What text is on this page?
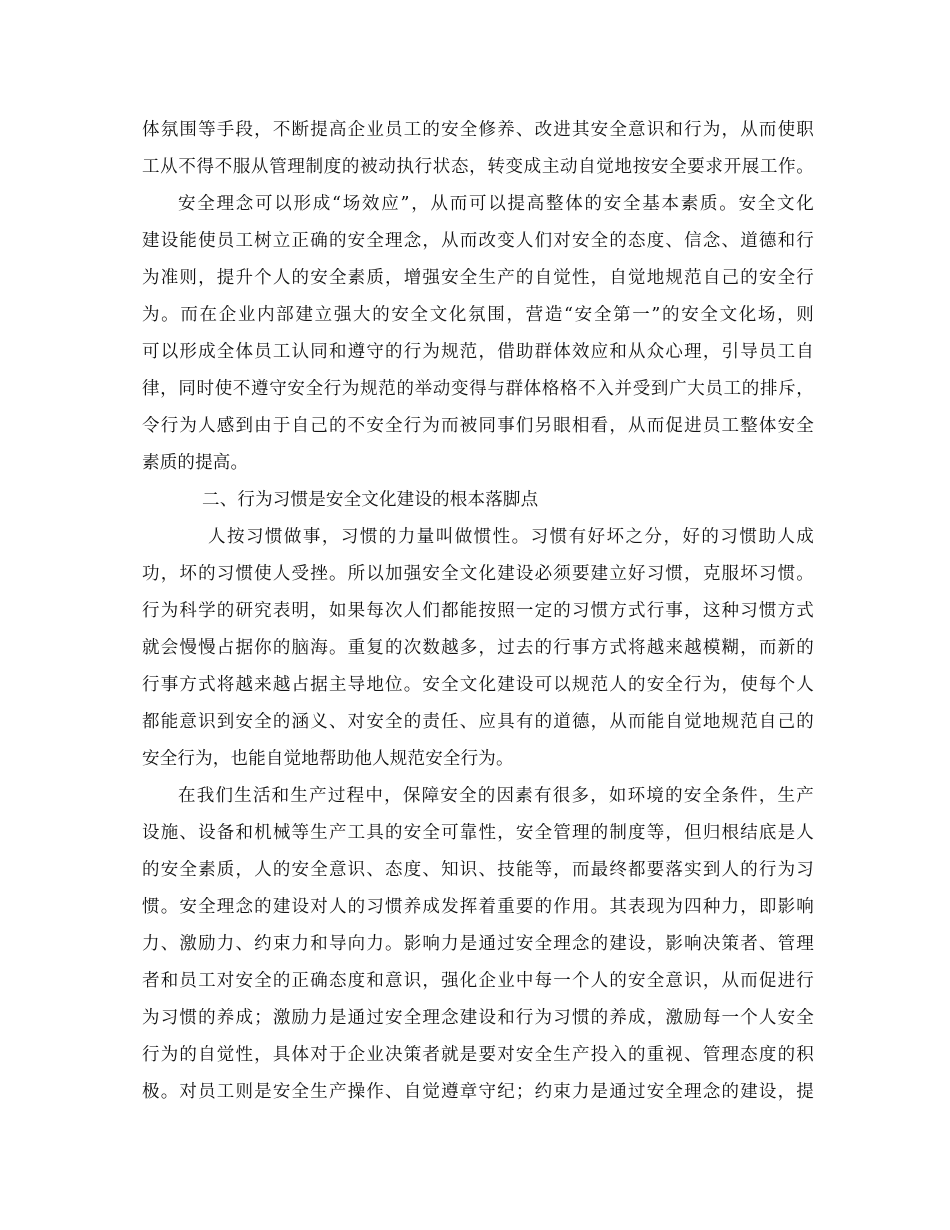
体氛围等手段，不断提高企业员工的安全修养、改进其安全意识和行为，从而使职
工从不得不服从管理制度的被动执行状态，转变成主动自觉地按安全要求开展工作。
安全理念可以形成“场效应”，从而可以提高整体的安全基本素质。安全文化
建设能使员工树立正确的安全理念，从而改变人们对安全的态度、信念、道德和行
为准则，提升个人的安全素质，增强安全生产的自觉性，自觉地规范自己的安全行
为。而在企业内部建立强大的安全文化氛围，营造“安全第一”的安全文化场，则
可以形成全体员工认同和遵守的行为规范，借助群体效应和从众心理，引导员工自
律，同时使不遵守安全行为规范的举动变得与群体格格不入并受到广大员工的排斥，
令行为人感到由于自己的不安全行为而被同事们另眼相看，从而促进员工整体安全
素质的提高。
二、行为习惯是安全文化建设的根本落脚点
人按习惯做事，习惯的力量叫做惯性。习惯有好坏之分，好的习惯助人成
功，坏的习惯使人受挫。所以加强安全文化建设必须要建立好习惯，克服坏习惯。
行为科学的研究表明，如果每次人们都能按照一定的习惯方式行事，这种习惯方式
就会慢慢占据你的脑海。重复的次数越多，过去的行事方式将越来越模糊，而新的
行事方式将越来越占据主导地位。安全文化建设可以规范人的安全行为，使每个人
都能意识到安全的涵义、对安全的责任、应具有的道德，从而能自觉地规范自己的
安全行为，也能自觉地帮助他人规范安全行为。
在我们生活和生产过程中，保障安全的因素有很多，如环境的安全条件，生产
设施、设备和机械等生产工具的安全可靠性，安全管理的制度等，但归根结底是人
的安全素质，人的安全意识、态度、知识、技能等，而最终都要落实到人的行为习
惯。安全理念的建设对人的习惯养成发挥着重要的作用。其表现为四种力，即影响
力、激励力、约束力和导向力。影响力是通过安全理念的建设，影响决策者、管理
者和员工对安全的正确态度和意识，强化企业中每一个人的安全意识，从而促进行
为习惯的养成；激励力是通过安全理念建设和行为习惯的养成，激励每一个人安全
行为的自觉性，具体对于企业决策者就是要对安全生产投入的重视、管理态度的积
极。对员工则是安全生产操作、自觉遵章守纪；约束力是通过安全理念的建设，提
